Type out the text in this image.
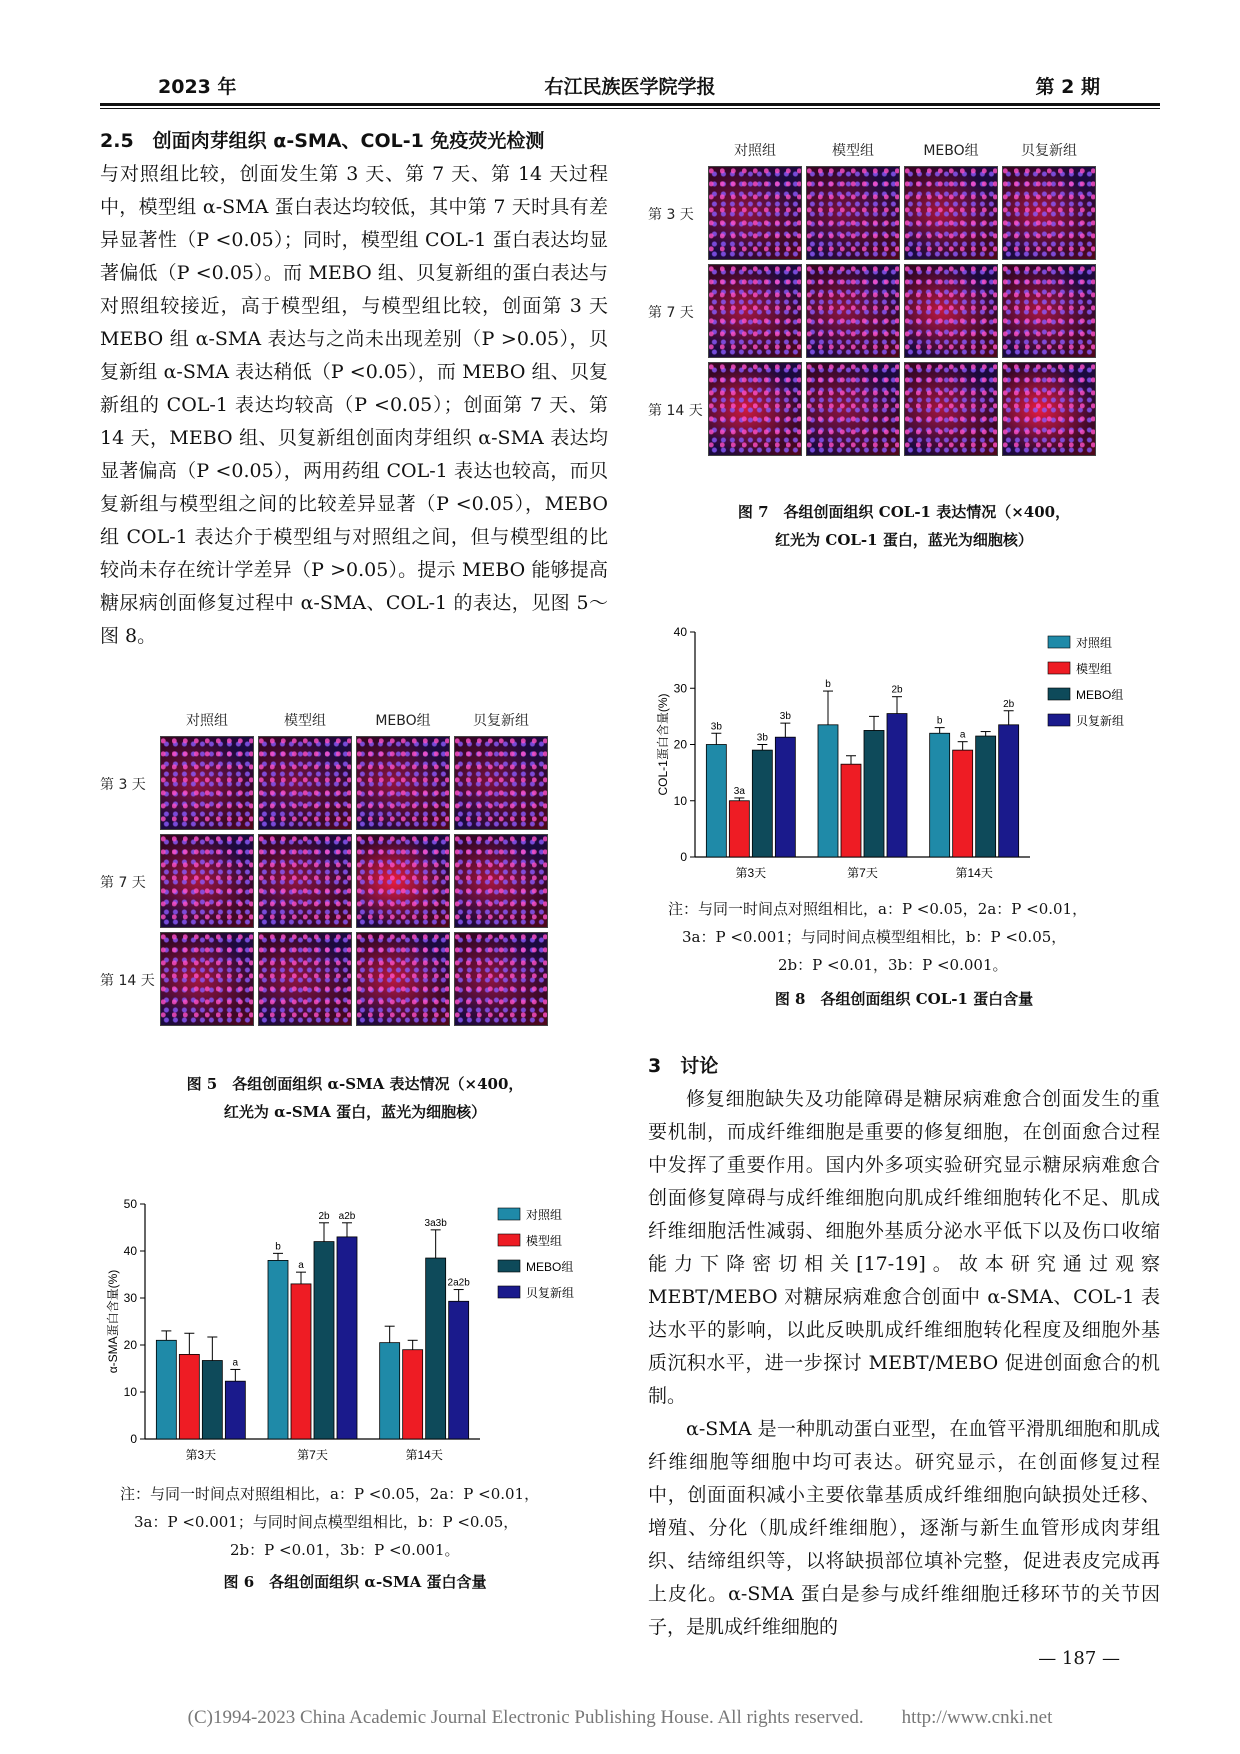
2023 年	右江民族医学院学报	第 2 期

2.5　创面肉芽组织 α-SMA、COL-1 免疫荧光检测

与对照组比较，创面发生第 3 天、第 7 天、第 14 天过程中，模型组 α-SMA 蛋白表达均较低，其中第 7 天时具有差异显著性（P <0.05）；同时，模型组 COL-1 蛋白表达均显著偏低（P <0.05）。而 MEBO 组、贝复新组的蛋白表达与对照组较接近，高于模型组，与模型组比较，创面第 3 天 MEBO 组 α-SMA 表达与之尚未出现差别（P >0.05），贝复新组 α-SMA 表达稍低（P <0.05），而 MEBO 组、贝复新组的 COL-1 表达均较高（P <0.05）；创面第 7 天、第 14 天，MEBO 组、贝复新组创面肉芽组织 α-SMA 表达均显著偏高（P <0.05），两用药组 COL-1 表达也较高，而贝复新组与模型组之间的比较差异显著（P <0.05），MEBO 组 COL-1 表达介于模型组与对照组之间，但与模型组的比较尚未存在统计学差异（P >0.05）。提示 MEBO 能够提高糖尿病创面修复过程中 α-SMA、COL-1 的表达，见图 5～图 8。

对照组	模型组	MEBO组	贝复新组
第 3 天
第 7 天
第 14 天
图 5　各组创面组织 α-SMA 表达情况（×400，
红光为 α-SMA 蛋白，蓝光为细胞核）
0
10
20
30
40
50
α-SMA蛋白含量(%)	a
第3天
b
a
2b a2b
第7天
3a3b
2a2b
第14天
对照组
模型组
MEBO组
贝复新组

注：与同一时间点对照组相比，a：P <0.05，2a：P <0.01，

3a：P <0.001；与同时间点模型组相比，b：P <0.05，

2b：P <0.01，3b：P <0.001。

图 6　各组创面组织 α-SMA 蛋白含量
对照组	模型组	MEBO组	贝复新组
第 3 天
第 7 天
第 14 天
图 7　各组创面组织 COL-1 表达情况（×400，
红光为 COL-1 蛋白，蓝光为细胞核）
0
10
20
30
40
COL-1蛋白含量(%)	3b
3a
3b
3b
第3天
b
2b
第7天
b
a
2b
第14天
对照组
模型组
MEBO组
贝复新组

注：与同一时间点对照组相比，a：P <0.05，2a：P <0.01，

3a：P <0.001；与同时间点模型组相比，b：P <0.05，

2b：P <0.01，3b：P <0.001。

图 8　各组创面组织 COL-1 蛋白含量

3　讨论

修复细胞缺失及功能障碍是糖尿病难愈合创面发生的重要机制，而成纤维细胞是重要的修复细胞，在创面愈合过程中发挥了重要作用。国内外多项实验研究显示糖尿病难愈合创面修复障碍与成纤维细胞向肌成纤维细胞转化不足、肌成纤维细胞活性减弱、细胞外基质分泌水平低下以及伤口收缩能力下降密切相关[17-19]。故本研究通过观察 MEBT/MEBO 对糖尿病难愈合创面中 α-SMA、COL-1 表达水平的影响，以此反映肌成纤维细胞转化程度及细胞外基质沉积水平，进一步探讨 MEBT/MEBO 促进创面愈合的机制。

α-SMA 是一种肌动蛋白亚型，在血管平滑肌细胞和肌成纤维细胞等细胞中均可表达。研究显示，在创面修复过程中，创面面积减小主要依靠基质成纤维细胞向缺损处迁移、增殖、分化（肌成纤维细胞），逐渐与新生血管形成肉芽组织、结缔组织等，以将缺损部位填补完整，促进表皮完成再上皮化。α-SMA 蛋白是参与成纤维细胞迁移环节的关节因子，是肌成纤维细胞的

— 187 —
(C)1994-2023 China Academic Journal Electronic Publishing House. All rights reserved.　　http://www.cnki.net
